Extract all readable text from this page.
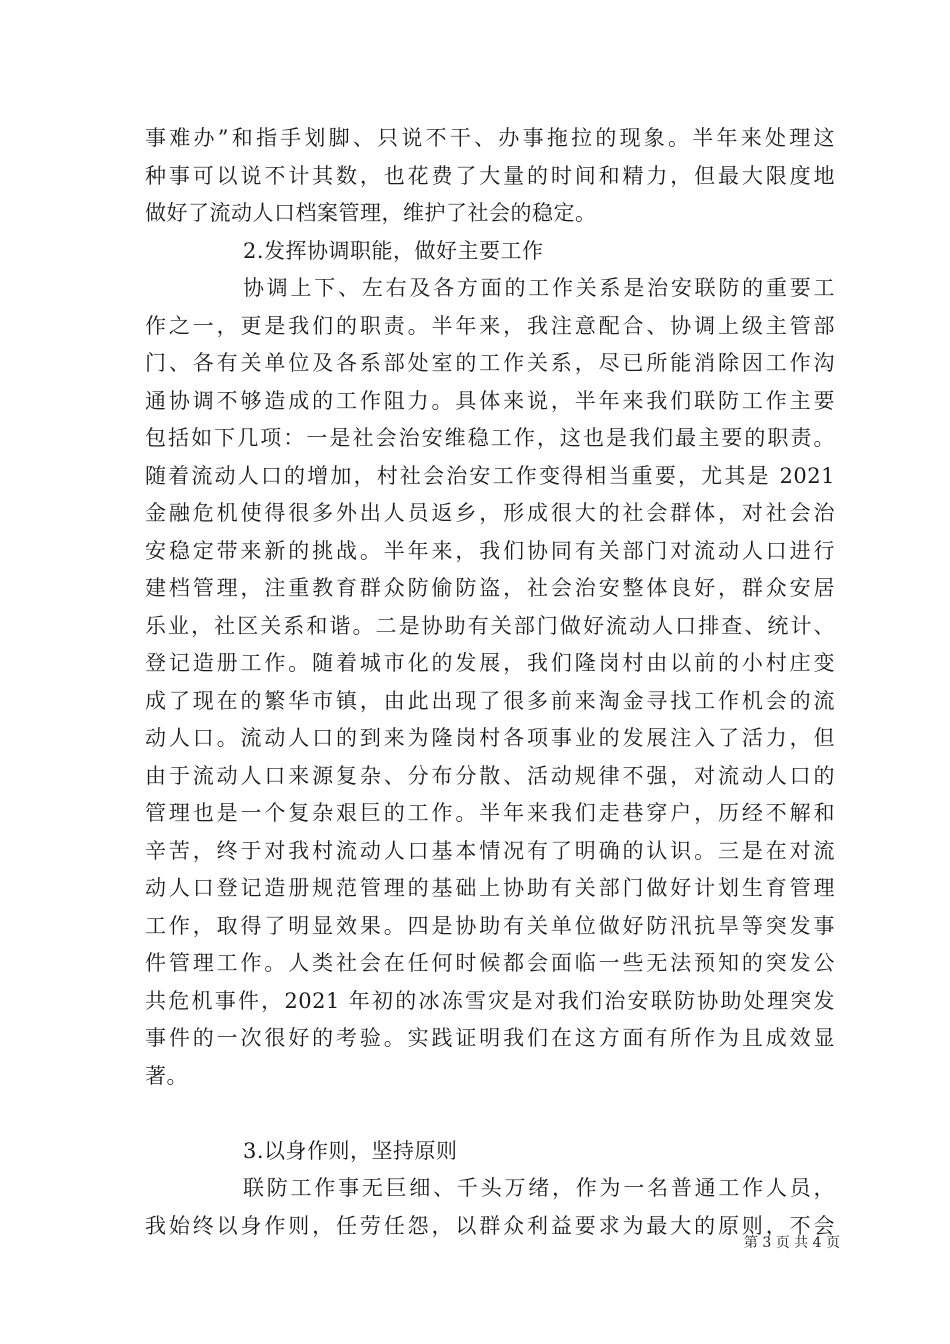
事难办”和指手划脚、只说不干、办事拖拉的现象。半年来处理这
种事可以说不计其数，也花费了大量的时间和精力，但最大限度地
做好了流动人口档案管理，维护了社会的稳定。
2.发挥协调职能，做好主要工作
协调上下、左右及各方面的工作关系是治安联防的重要工
作之一，更是我们的职责。半年来，我注意配合、协调上级主管部
门、各有关单位及各系部处室的工作关系，尽已所能消除因工作沟
通协调不够造成的工作阻力。具体来说，半年来我们联防工作主要
包括如下几项：一是社会治安维稳工作，这也是我们最主要的职责。
随着流动人口的增加，村社会治安工作变得相当重要，尤其是 2021
金融危机使得很多外出人员返乡，形成很大的社会群体，对社会治
安稳定带来新的挑战。半年来，我们协同有关部门对流动人口进行
建档管理，注重教育群众防偷防盗，社会治安整体良好，群众安居
乐业，社区关系和谐。二是协助有关部门做好流动人口排查、统计、
登记造册工作。随着城市化的发展，我们隆岗村由以前的小村庄变
成了现在的繁华市镇，由此出现了很多前来淘金寻找工作机会的流
动人口。流动人口的到来为隆岗村各项事业的发展注入了活力，但
由于流动人口来源复杂、分布分散、活动规律不强，对流动人口的
管理也是一个复杂艰巨的工作。半年来我们走巷穿户，历经不解和
辛苦，终于对我村流动人口基本情况有了明确的认识。三是在对流
动人口登记造册规范管理的基础上协助有关部门做好计划生育管理
工作，取得了明显效果。四是协助有关单位做好防汛抗旱等突发事
件管理工作。人类社会在任何时候都会面临一些无法预知的突发公
共危机事件，2021 年初的冰冻雪灾是对我们治安联防协助处理突发
事件的一次很好的考验。实践证明我们在这方面有所作为且成效显
著。
3.以身作则，坚持原则
联防工作事无巨细、千头万绪，作为一名普通工作人员，
我始终以身作则，任劳任怨，以群众利益要求为最大的原则，不会
第 3 页 共 4 页
